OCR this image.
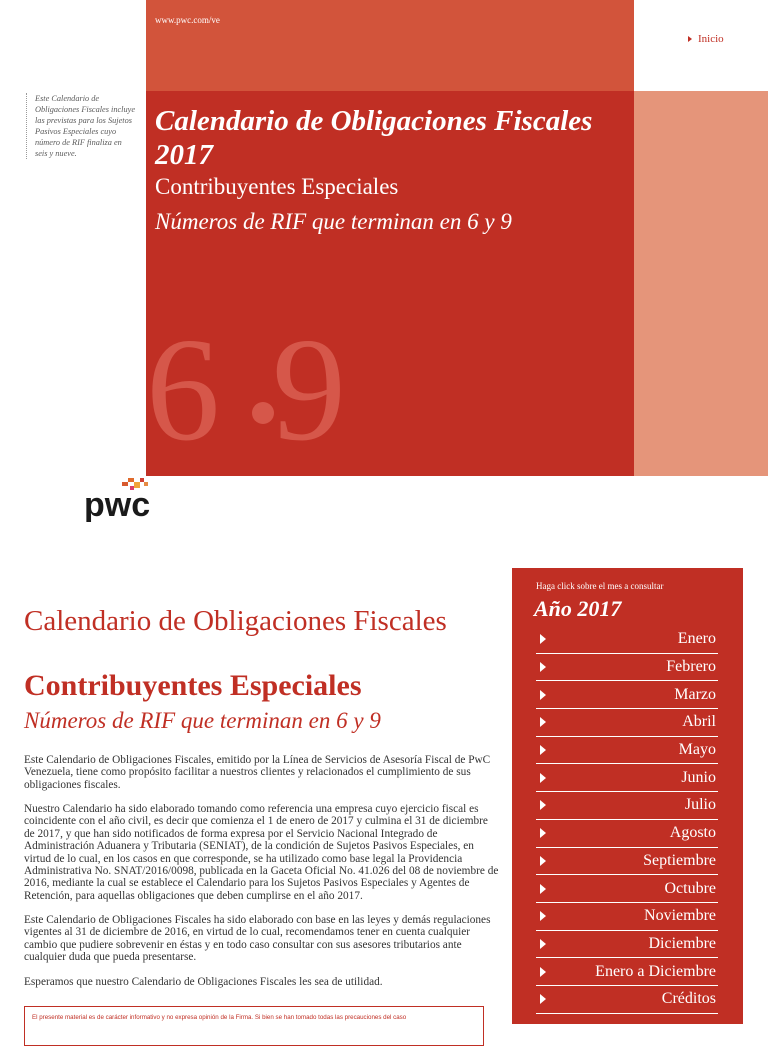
www.pwc.com/ve
Inicio
Este Calendario de Obligaciones Fiscales incluye las previstas para los Sujetos Pasivos Especiales cuyo número de RIF finaliza en seis y nueve.
Calendario de Obligaciones Fiscales 2017
Contribuyentes Especiales
Números de RIF que terminan en 6 y 9
6 9
pwc
Calendario de Obligaciones Fiscales
Contribuyentes Especiales
Números de RIF que terminan en 6 y 9
Este Calendario de Obligaciones Fiscales, emitido por la Línea de Servicios de Asesoría Fiscal de PwC Venezuela, tiene como propósito facilitar a nuestros clientes y relacionados el cumplimiento de sus obligaciones fiscales.
Nuestro Calendario ha sido elaborado tomando como referencia una empresa cuyo ejercicio fiscal es coincidente con el año civil, es decir que comienza el 1 de enero de 2017 y culmina el 31 de diciembre de 2017, y que han sido notificados de forma expresa por el Servicio Nacional Integrado de Administración Aduanera y Tributaria (SENIAT), de la condición de Sujetos Pasivos Especiales, en virtud de lo cual, en los casos en que corresponde, se ha utilizado como base legal la Providencia Administrativa No. SNAT/2016/0098, publicada en la Gaceta Oficial No. 41.026 del 08 de noviembre de 2016, mediante la cual se establece el Calendario para los Sujetos Pasivos Especiales y Agentes de Retención, para aquellas obligaciones que deben cumplirse en el año 2017.
Este Calendario de Obligaciones Fiscales ha sido elaborado con base en las leyes y demás regulaciones vigentes al 31 de diciembre de 2016, en virtud de lo cual, recomendamos tener en cuenta cualquier cambio que pudiere sobrevenir en éstas y en todo caso consultar con sus asesores tributarios ante cualquier duda que pueda presentarse.
Esperamos que nuestro Calendario de Obligaciones Fiscales les sea de utilidad.
El presente material es de carácter informativo y no expresa opinión de la Firma. Si bien se han tomado todas las precauciones del caso
Haga click sobre el mes a consultar
Año 2017
Enero
Febrero
Marzo
Abril
Mayo
Junio
Julio
Agosto
Septiembre
Octubre
Noviembre
Diciembre
Enero a Diciembre
Créditos
